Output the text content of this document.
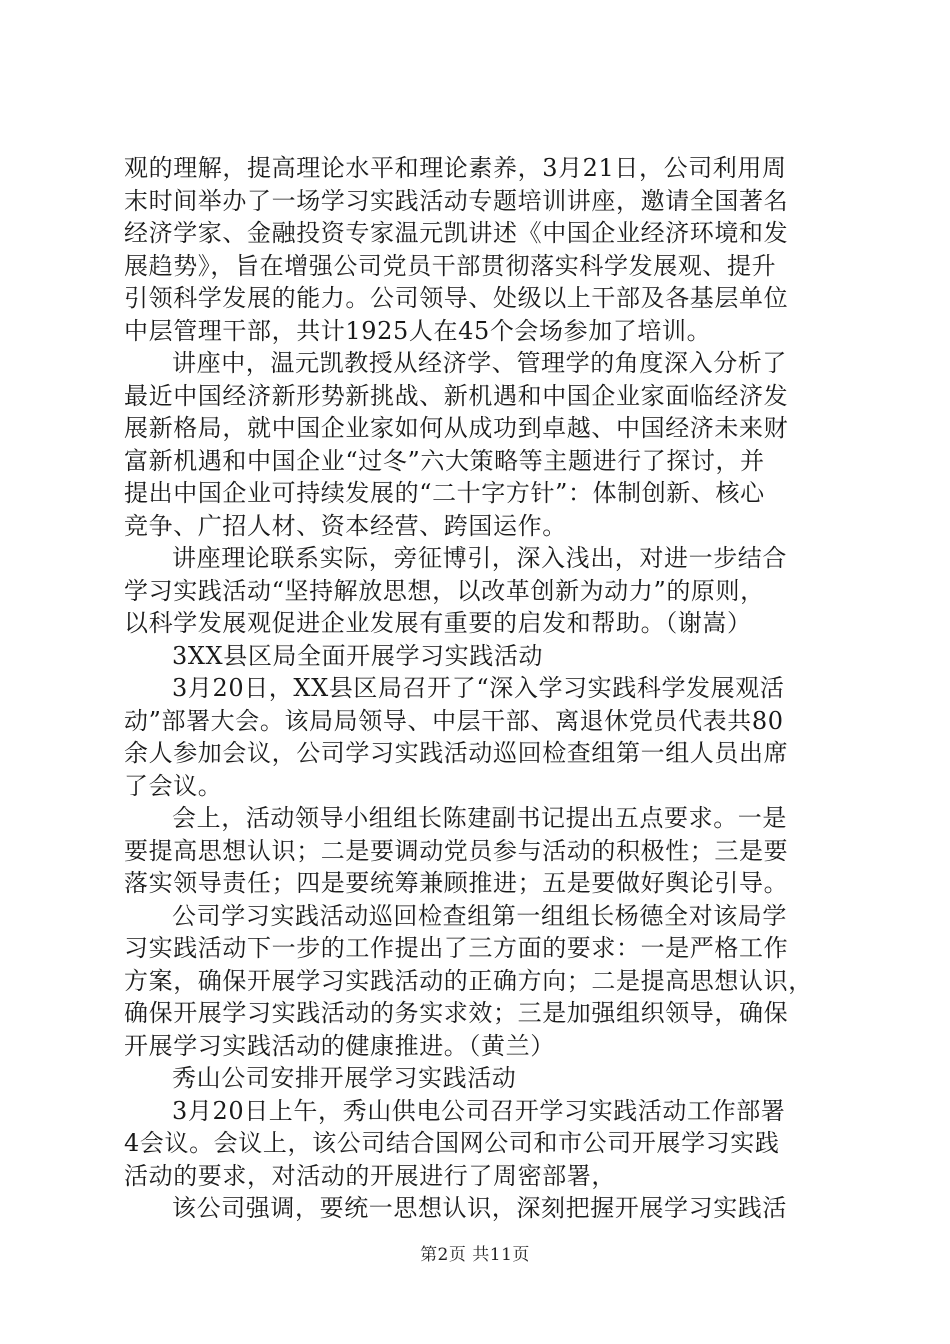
观的理解，提高理论水平和理论素养，3月21日，公司利用周
末时间举办了一场学习实践活动专题培训讲座，邀请全国著名
经济学家、金融投资专家温元凯讲述《中国企业经济环境和发
展趋势》，旨在增强公司党员干部贯彻落实科学发展观、提升
引领科学发展的能力。公司领导、处级以上干部及各基层单位
中层管理干部，共计1925人在45个会场参加了培训。
讲座中，温元凯教授从经济学、管理学的角度深入分析了
最近中国经济新形势新挑战、新机遇和中国企业家面临经济发
展新格局，就中国企业家如何从成功到卓越、中国经济未来财
富新机遇和中国企业“过冬”六大策略等主题进行了探讨，并
提出中国企业可持续发展的“二十字方针”：体制创新、核心
竞争、广招人材、资本经营、跨国运作。
讲座理论联系实际，旁征博引，深入浅出，对进一步结合
学习实践活动“坚持解放思想，以改革创新为动力”的原则，
以科学发展观促进企业发展有重要的启发和帮助。（谢嵩）
3XX县区局全面开展学习实践活动
3月20日，XX县区局召开了“深入学习实践科学发展观活
动”部署大会。该局局领导、中层干部、离退休党员代表共80
余人参加会议，公司学习实践活动巡回检查组第一组人员出席
了会议。
会上，活动领导小组组长陈建副书记提出五点要求。一是
要提高思想认识；二是要调动党员参与活动的积极性；三是要
落实领导责任；四是要统筹兼顾推进；五是要做好舆论引导。
公司学习实践活动巡回检查组第一组组长杨德全对该局学
习实践活动下一步的工作提出了三方面的要求：一是严格工作
方案，确保开展学习实践活动的正确方向；二是提高思想认识，
确保开展学习实践活动的务实求效；三是加强组织领导，确保
开展学习实践活动的健康推进。（黄兰）
秀山公司安排开展学习实践活动
3月20日上午，秀山供电公司召开学习实践活动工作部署
4会议。会议上，该公司结合国网公司和市公司开展学习实践
活动的要求，对活动的开展进行了周密部署，
该公司强调，要统一思想认识，深刻把握开展学习实践活
第2页 共11页
